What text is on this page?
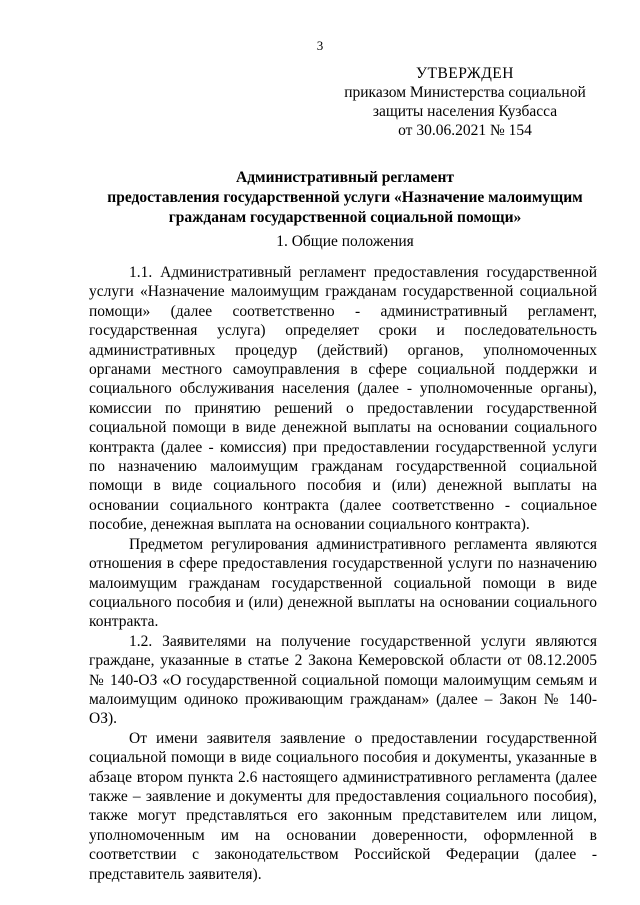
3
УТВЕРЖДЕН
приказом Министерства социальной
защиты населения Кузбасса
от 30.06.2021 № 154
Административный регламент
предоставления государственной услуги «Назначение малоимущим
гражданам государственной социальной помощи»
1. Общие положения

1.1. Административный регламент предоставления государственной услуги «Назначение малоимущим гражданам государственной социальной помощи» (далее соответственно - административный регламент, государственная услуга) определяет сроки и последовательность административных процедур (действий) органов, уполномоченных органами местного самоуправления в сфере социальной поддержки и социального обслуживания населения (далее - уполномоченные органы), комиссии по принятию решений о предоставлении государственной социальной помощи в виде денежной выплаты на основании социального контракта (далее - комиссия) при предоставлении государственной услуги по назначению малоимущим гражданам государственной социальной помощи в виде социального пособия и (или) денежной выплаты на основании социального контракта (далее соответственно - социальное пособие, денежная выплата на основании социального контракта).

Предметом регулирования административного регламента являются отношения в сфере предоставления государственной услуги по назначению малоимущим гражданам государственной социальной помощи в виде социального пособия и (или) денежной выплаты на основании социального контракта.

1.2. Заявителями на получение государственной услуги являются граждане, указанные в статье 2 Закона Кемеровской области от 08.12.2005 № 140-ОЗ «О государственной социальной помощи малоимущим семьям и малоимущим одиноко проживающим гражданам» (далее – Закон № 140-ОЗ).

От имени заявителя заявление о предоставлении государственной социальной помощи в виде социального пособия и документы, указанные в абзаце втором пункта 2.6 настоящего административного регламента (далее также – заявление и документы для предоставления социального пособия), также могут представляться его законным представителем или лицом, уполномоченным им на основании доверенности, оформленной в соответствии с законодательством Российской Федерации (далее - представитель заявителя).
